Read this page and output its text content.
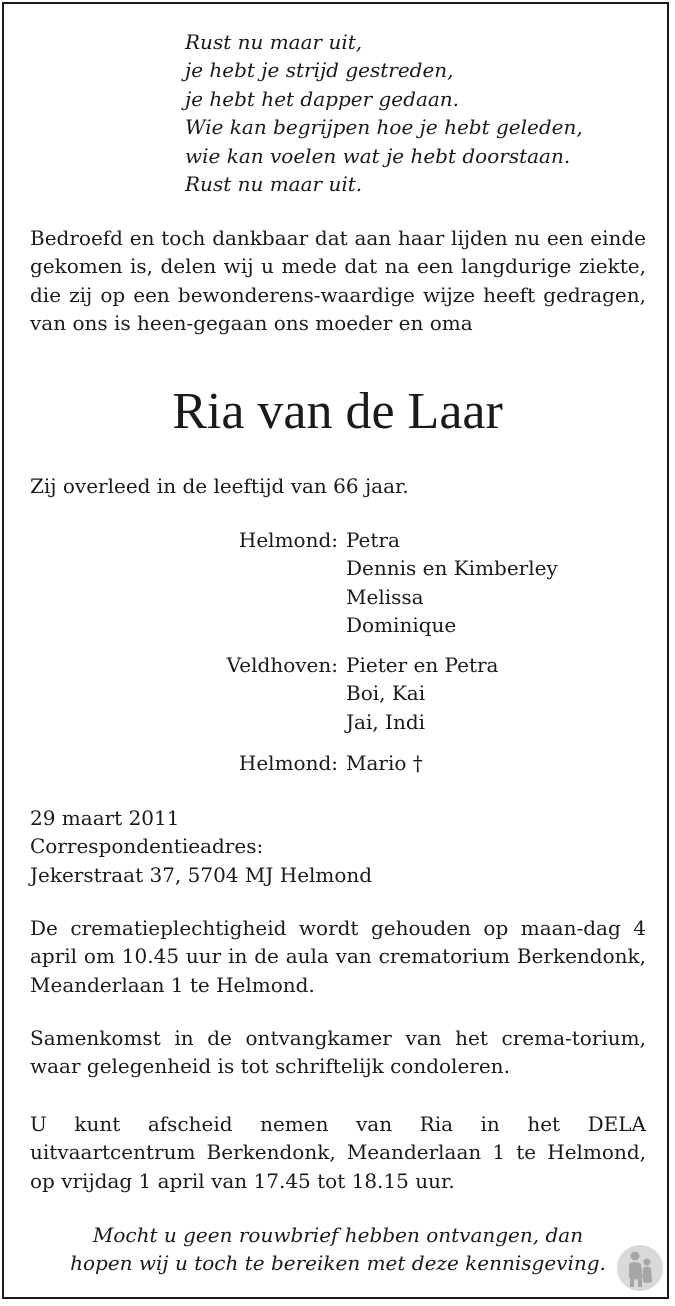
Rust nu maar uit,
je hebt je strijd gestreden,
je hebt het dapper gedaan.
Wie kan begrijpen hoe je hebt geleden,
wie kan voelen wat je hebt doorstaan.
Rust nu maar uit.
Bedroefd en toch dankbaar dat aan haar lijden nu een einde gekomen is, delen wij u mede dat na een langdurige ziekte, die zij op een bewonderens-waardige wijze heeft gedragen, van ons is heen-gegaan ons moeder en oma
Ria van de Laar
Zij overleed in de leeftijd van 66 jaar.
Helmond: Petra
Dennis en Kimberley
Melissa
Dominique
Veldhoven: Pieter en Petra
Boi, Kai
Jai, Indi
Helmond: Mario †
29 maart 2011
Correspondentieadres:
Jekerstraat 37, 5704 MJ Helmond
De crematieplechtigheid wordt gehouden op maan-dag 4 april om 10.45 uur in de aula van crematorium Berkendonk, Meanderlaan 1 te Helmond.
Samenkomst in de ontvangkamer van het crema-torium, waar gelegenheid is tot schriftelijk condoleren.
U kunt afscheid nemen van Ria in het DELA uitvaartcentrum Berkendonk, Meanderlaan 1 te Helmond, op vrijdag 1 april van 17.45 tot 18.15 uur.
Mocht u geen rouwbrief hebben ontvangen, dan
hopen wij u toch te bereiken met deze kennisgeving.
